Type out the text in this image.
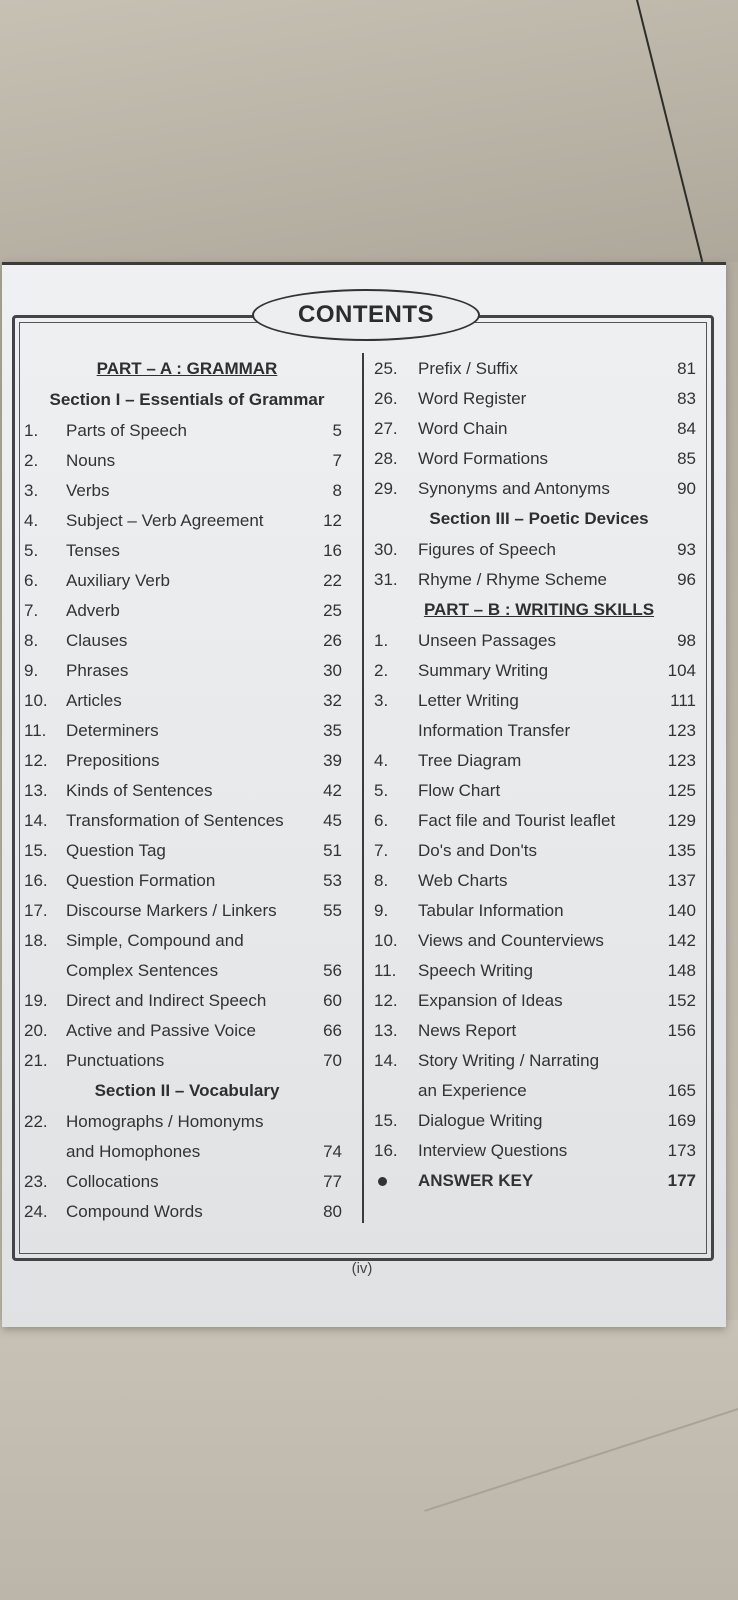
CONTENTS
PART – A : GRAMMAR
Section I – Essentials of Grammar
1. Parts of Speech	5
2. Nouns	7
3. Verbs	8
4. Subject – Verb Agreement	12
5. Tenses	16
6. Auxiliary Verb	22
7. Adverb	25
8. Clauses	26
9. Phrases	30
10. Articles	32
11. Determiners	35
12. Prepositions	39
13. Kinds of Sentences	42
14. Transformation of Sentences 45
15. Question Tag	51
16. Question Formation	53
17. Discourse Markers / Linkers	55
18. Simple, Compound and
Complex Sentences	56
19. Direct and Indirect Speech	60
20. Active and Passive Voice	66
21. Punctuations	70
Section II – Vocabulary
22. Homographs / Homonyms
and Homophones	74
23. Collocations	77
24. Compound Words	80
25. Prefix / Suffix	81
26. Word Register	83
27. Word Chain	84
28. Word Formations	85
29. Synonyms and Antonyms	90
Section III – Poetic Devices
30. Figures of Speech	93
31. Rhyme / Rhyme Scheme	96
PART – B : WRITING SKILLS
1. Unseen Passages	98
2. Summary Writing	104
3. Letter Writing	111
Information Transfer	123
4. Tree Diagram	123
5. Flow Chart	125
6. Fact file and Tourist leaflet	129
7. Do's and Don'ts	135
8. Web Charts	137
9. Tabular Information	140
10. Views and Counterviews	142
11. Speech Writing	148
12. Expansion of Ideas	152
13. News Report	156
14. Story Writing / Narrating
an Experience	165
15. Dialogue Writing	169
16. Interview Questions	173
ANSWER KEY	177
(iv)
